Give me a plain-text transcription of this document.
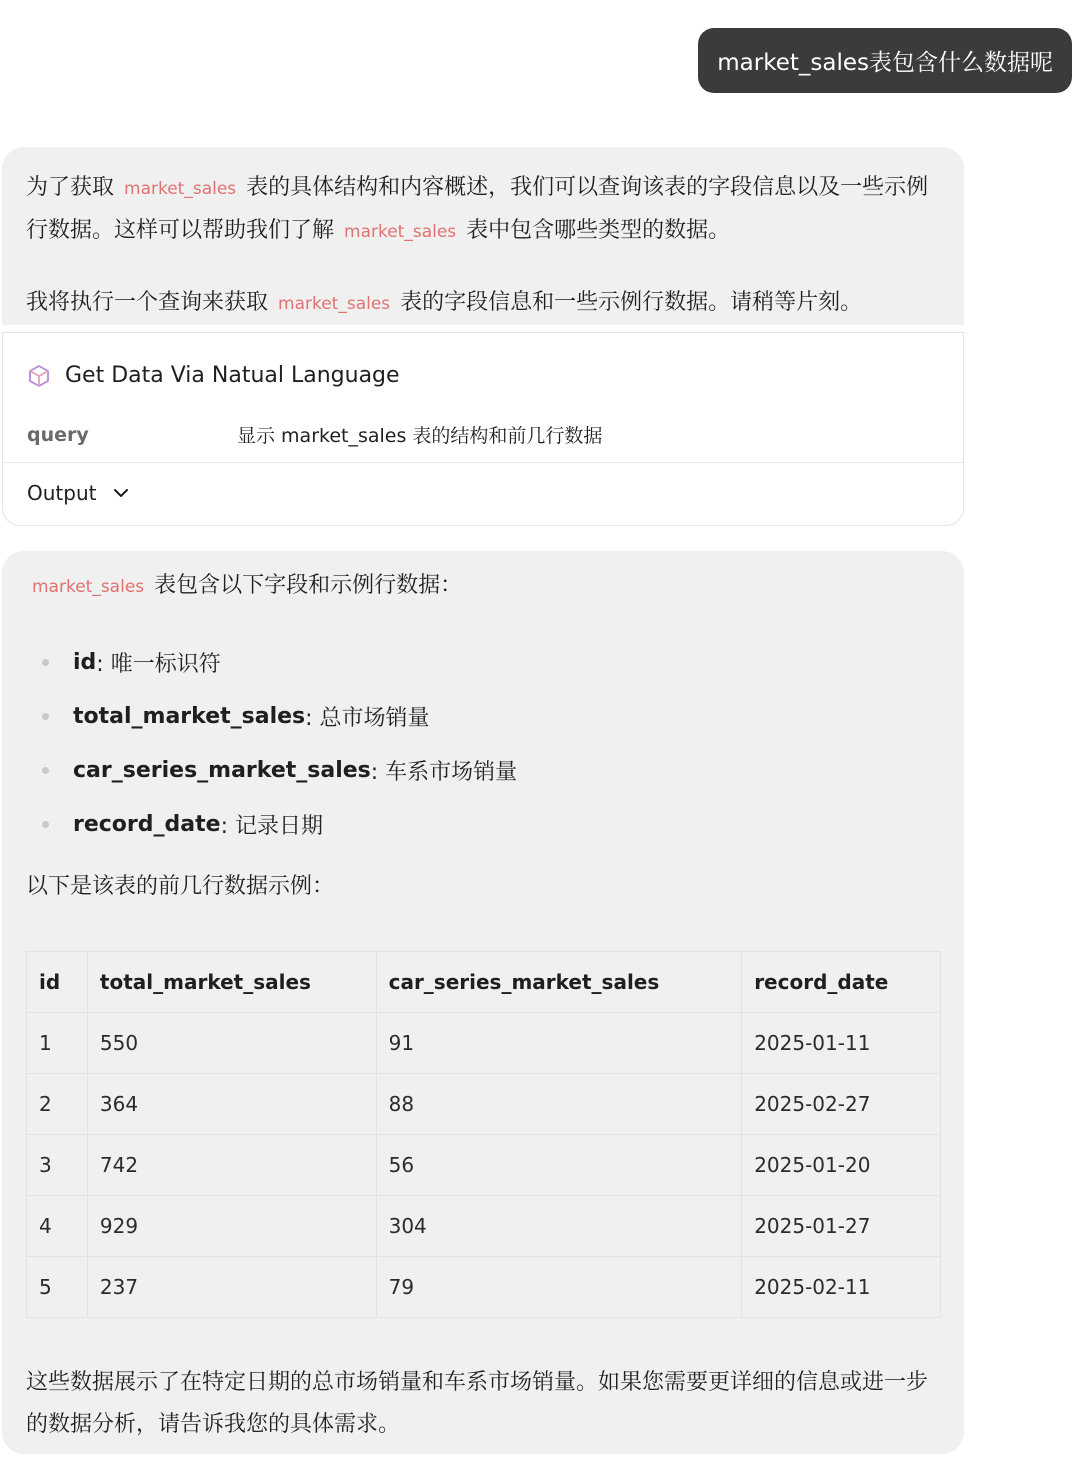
market_sales表包含什么数据呢

为了获取 market_sales 表的具体结构和内容概述，我们可以查询该表的字段信息以及一些示例行数据。这样可以帮助我们了解 market_sales 表中包含哪些类型的数据。

我将执行一个查询来获取 market_sales 表的字段信息和一些示例行数据。请稍等片刻。

Get Data Via Natual Language
query	显示 market_sales 表的结构和前几行数据
Output
market_sales 表包含以下字段和示例行数据：
id : 唯一标识符
total_market_sales : 总市场销量
car_series_market_sales : 车系市场销量
record_date : 记录日期
以下是该表的前几行数据示例：
id	total_market_sales	car_series_market_sales	record_date
1	550	91	2025-01-11
2	364	88	2025-02-27
3	742	56	2025-01-20
4	929	304	2025-01-27
5	237	79	2025-02-11
这些数据展示了在特定日期的总市场销量和车系市场销量。如果您需要更详细的信息或进一步的数据分析，请告诉我您的具体需求。
